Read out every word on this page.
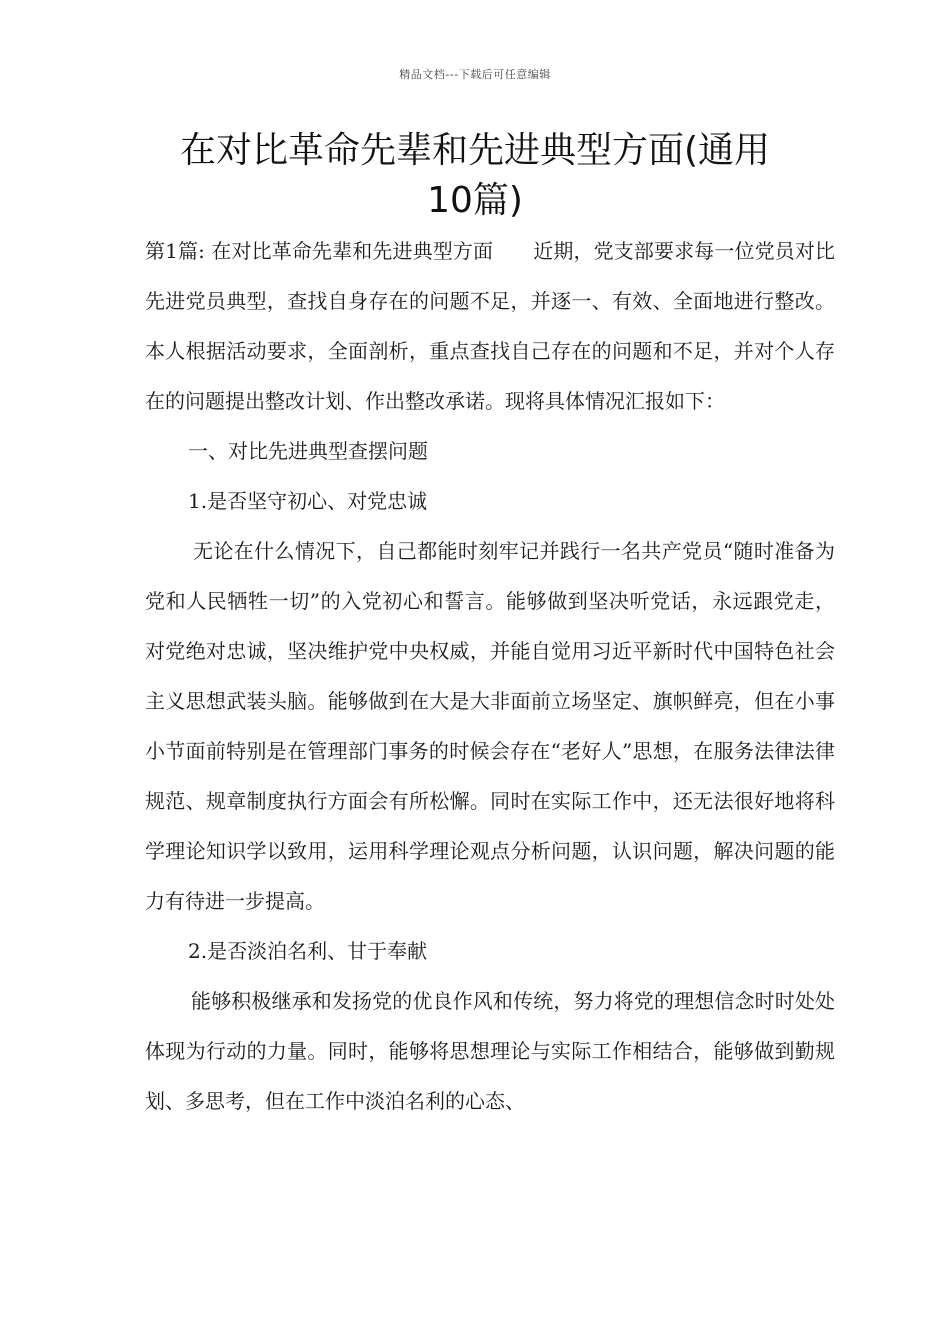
精品文档---下载后可任意编辑
在对比革命先辈和先进典型方面(通用
10篇)

第1篇: 在对比革命先辈和先进典型方面 近期，党支部要求每一位党员对比先进党员典型，查找自身存在的问题不足，并逐一、有效、全面地进行整改。本人根据活动要求，全面剖析，重点查找自己存在的问题和不足，并对个人存在的问题提出整改计划、作出整改承诺。现将具体情况汇报如下：

一、对比先进典型查摆问题

1.是否坚守初心、对党忠诚

无论在什么情况下，自己都能时刻牢记并践行一名共产党员“随时准备为党和人民牺牲一切”的入党初心和誓言。能够做到坚决听党话，永远跟党走，对党绝对忠诚，坚决维护党中央权威，并能自觉用习近平新时代中国特色社会主义思想武装头脑。能够做到在大是大非面前立场坚定、旗帜鲜亮，但在小事小节面前特别是在管理部门事务的时候会存在“老好人”思想，在服务法律法律规范、规章制度执行方面会有所松懈。同时在实际工作中，还无法很好地将科学理论知识学以致用，运用科学理论观点分析问题，认识问题，解决问题的能力有待进一步提高。

2.是否淡泊名利、甘于奉献

能够积极继承和发扬党的优良作风和传统，努力将党的理想信念时时处处体现为行动的力量。同时，能够将思想理论与实际工作相结合，能够做到勤规划、多思考，但在工作中淡泊名利的心态、
